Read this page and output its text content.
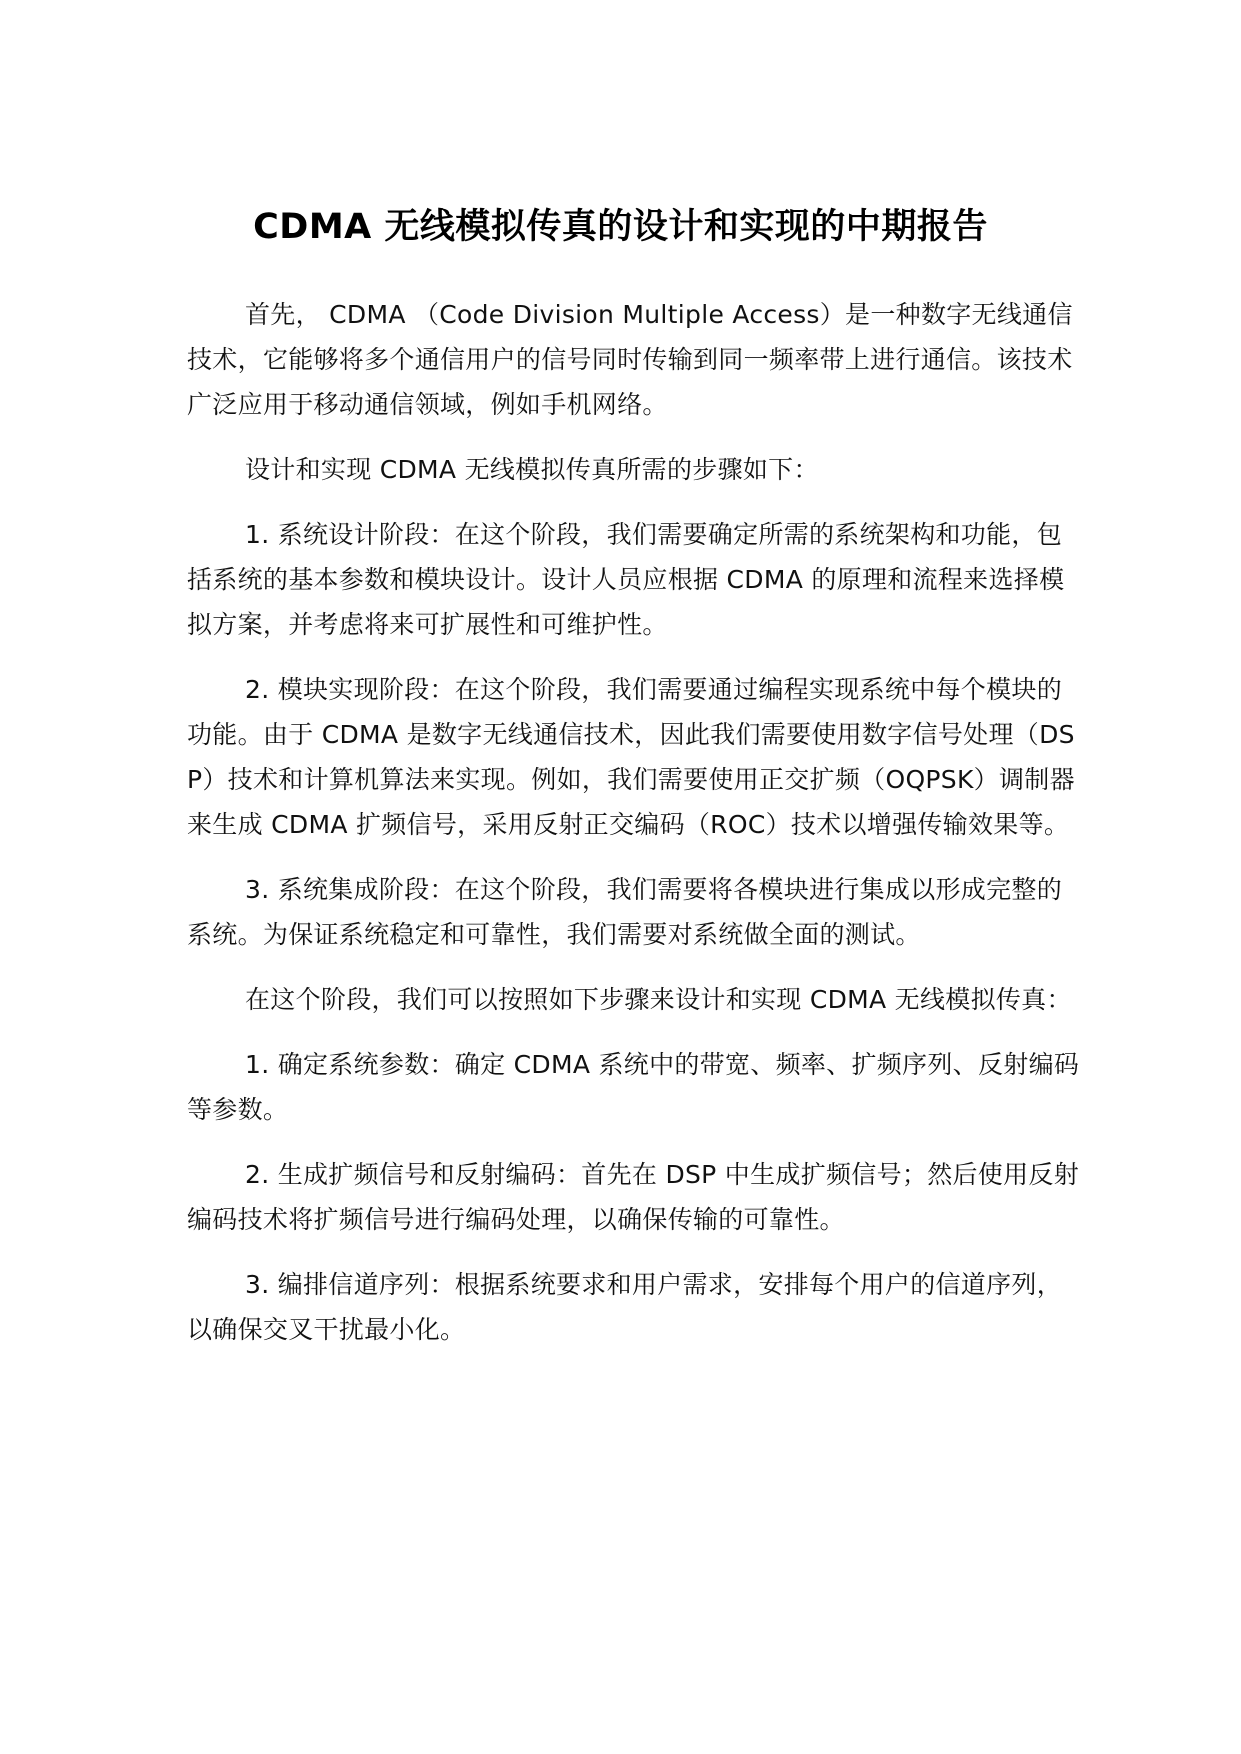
CDMA 无线模拟传真的设计和实现的中期报告

首先， CDMA （Code Division Multiple Access）是一种数字无线通信技术，它能够将多个通信用户的信号同时传输到同一频率带上进行通信。该技术广泛应用于移动通信领域，例如手机网络。

设计和实现 CDMA 无线模拟传真所需的步骤如下：

1. 系统设计阶段：在这个阶段，我们需要确定所需的系统架构和功能，包括系统的基本参数和模块设计。设计人员应根据 CDMA 的原理和流程来选择模拟方案，并考虑将来可扩展性和可维护性。

2. 模块实现阶段：在这个阶段，我们需要通过编程实现系统中每个模块的功能。由于 CDMA 是数字无线通信技术，因此我们需要使用数字信号处理（DSP）技术和计算机算法来实现。例如，我们需要使用正交扩频（OQPSK）调制器来生成 CDMA 扩频信号，采用反射正交编码（ROC）技术以增强传输效果等。

3. 系统集成阶段：在这个阶段，我们需要将各模块进行集成以形成完整的系统。为保证系统稳定和可靠性，我们需要对系统做全面的测试。

在这个阶段，我们可以按照如下步骤来设计和实现 CDMA 无线模拟传真：

1. 确定系统参数：确定 CDMA 系统中的带宽、频率、扩频序列、反射编码等参数。

2. 生成扩频信号和反射编码：首先在 DSP 中生成扩频信号；然后使用反射编码技术将扩频信号进行编码处理，以确保传输的可靠性。

3. 编排信道序列：根据系统要求和用户需求，安排每个用户的信道序列，以确保交叉干扰最小化。
